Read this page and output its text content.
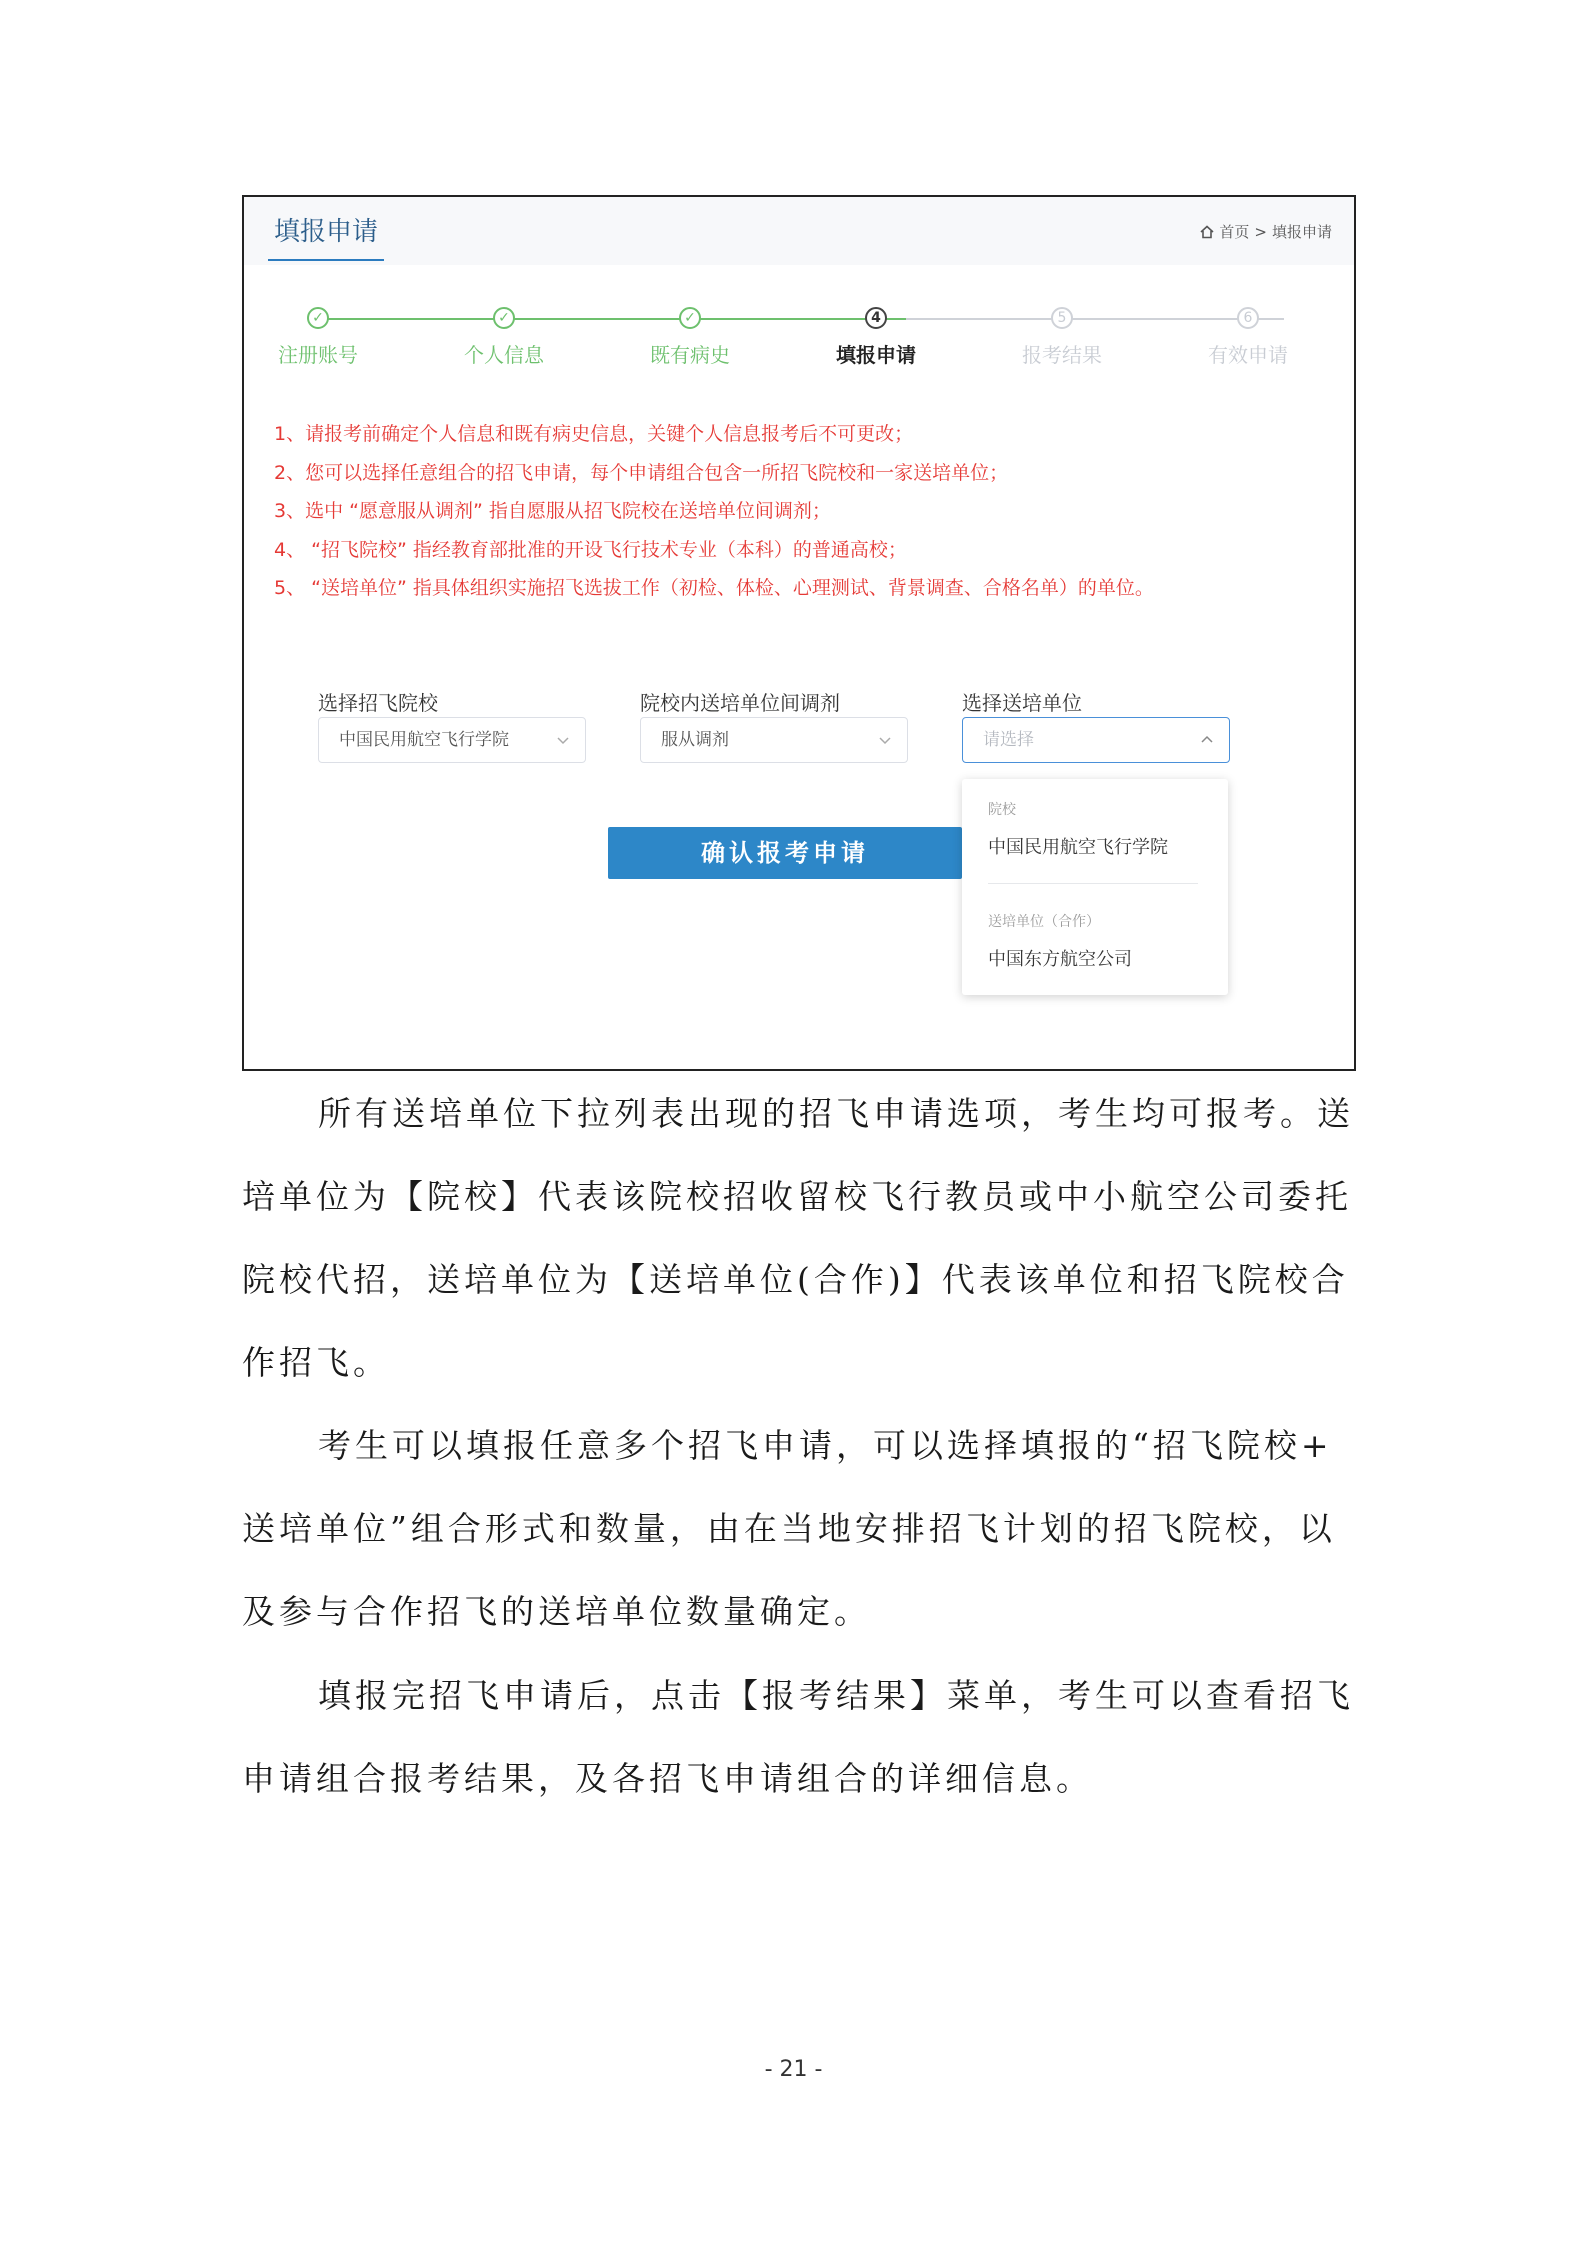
填报申请	首页 > 填报申请
✓
注册账号
✓
个人信息
✓
既有病史
4
填报申请
5
报考结果
6
有效申请
1、请报考前确定个人信息和既有病史信息，关键个人信息报考后不可更改；
2、您可以选择任意组合的招飞申请，每个申请组合包含一所招飞院校和一家送培单位；
3、选中 “愿意服从调剂” 指自愿服从招飞院校在送培单位间调剂；
4、 “招飞院校” 指经教育部批准的开设飞行技术专业（本科）的普通高校；
5、 “送培单位” 指具体组织实施招飞选拔工作（初检、体检、心理测试、背景调查、合格名单）的单位。
选择招飞院校
中国民用航空飞行学院
院校内送培单位间调剂
服从调剂
选择送培单位
请选择
确认报考申请
院校
中国民用航空飞行学院
送培单位（合作）
中国东方航空公司
所有送培单位下拉列表出现的招飞申请选项，考生均可报考。送
培单位为【院校】代表该院校招收留校飞行教员或中小航空公司委托
院校代招，送培单位为【送培单位(合作)】代表该单位和招飞院校合
作招飞。
考生可以填报任意多个招飞申请，可以选择填报的“招飞院校+
送培单位”组合形式和数量，由在当地安排招飞计划的招飞院校，以
及参与合作招飞的送培单位数量确定。
填报完招飞申请后，点击【报考结果】菜单，考生可以查看招飞
申请组合报考结果，及各招飞申请组合的详细信息。
- 21 -
